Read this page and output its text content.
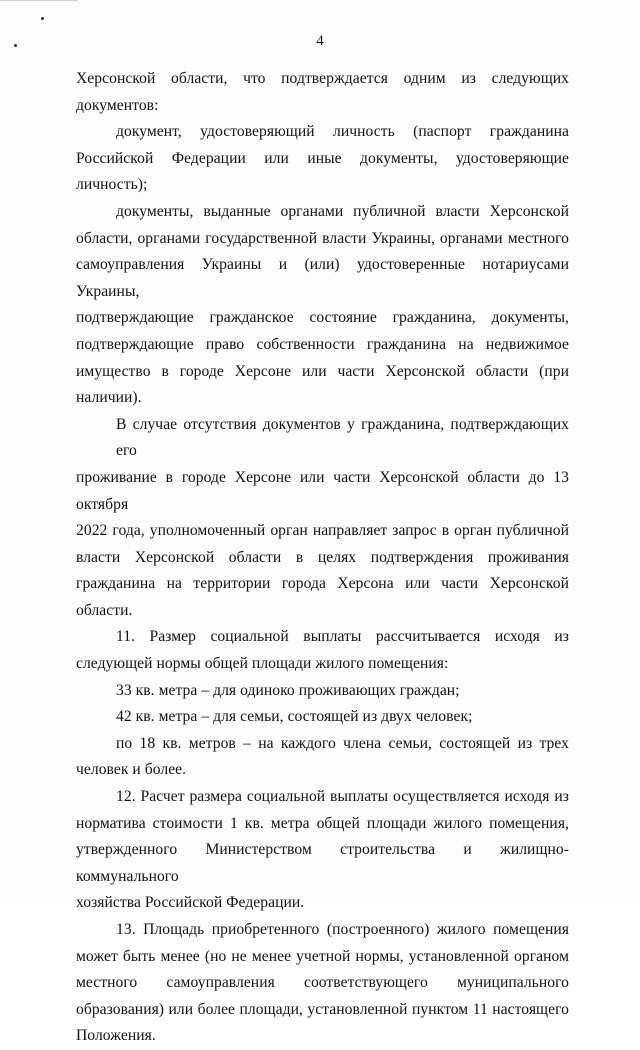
4

Херсонской области, что подтверждается одним из следующих
документов:

документ, удостоверяющий личность (паспорт гражданина
Российской Федерации или иные документы, удостоверяющие личность);

документы, выданные органами публичной власти Херсонской
области, органами государственной власти Украины, органами местного
самоуправления Украины и (или) удостоверенные нотариусами Украины,
подтверждающие гражданское состояние гражданина, документы,
подтверждающие право собственности гражданина на недвижимое
имущество в городе Херсоне или части Херсонской области (при наличии).

В случае отсутствия документов у гражданина, подтверждающих его
проживание в городе Херсоне или части Херсонской области до 13 октября
2022 года, уполномоченный орган направляет запрос в орган публичной
власти Херсонской области в целях подтверждения проживания
гражданина на территории города Херсона или части Херсонской области.

11. Размер социальной выплаты рассчитывается исходя из
следующей нормы общей площади жилого помещения:

33 кв. метра – для одиноко проживающих граждан;

42 кв. метра – для семьи, состоящей из двух человек;

по 18 кв. метров – на каждого члена семьи, состоящей из трех
человек и более.

12. Расчет размера социальной выплаты осуществляется исходя из
норматива стоимости 1 кв. метра общей площади жилого помещения,
утвержденного Министерством строительства и жилищно-коммунального
хозяйства Российской Федерации.

13. Площадь приобретенного (построенного) жилого помещения
может быть менее (но не менее учетной нормы, установленной органом
местного самоуправления соответствующего муниципального
образования) или более площади, установленной пунктом 11 настоящего
Положения.
